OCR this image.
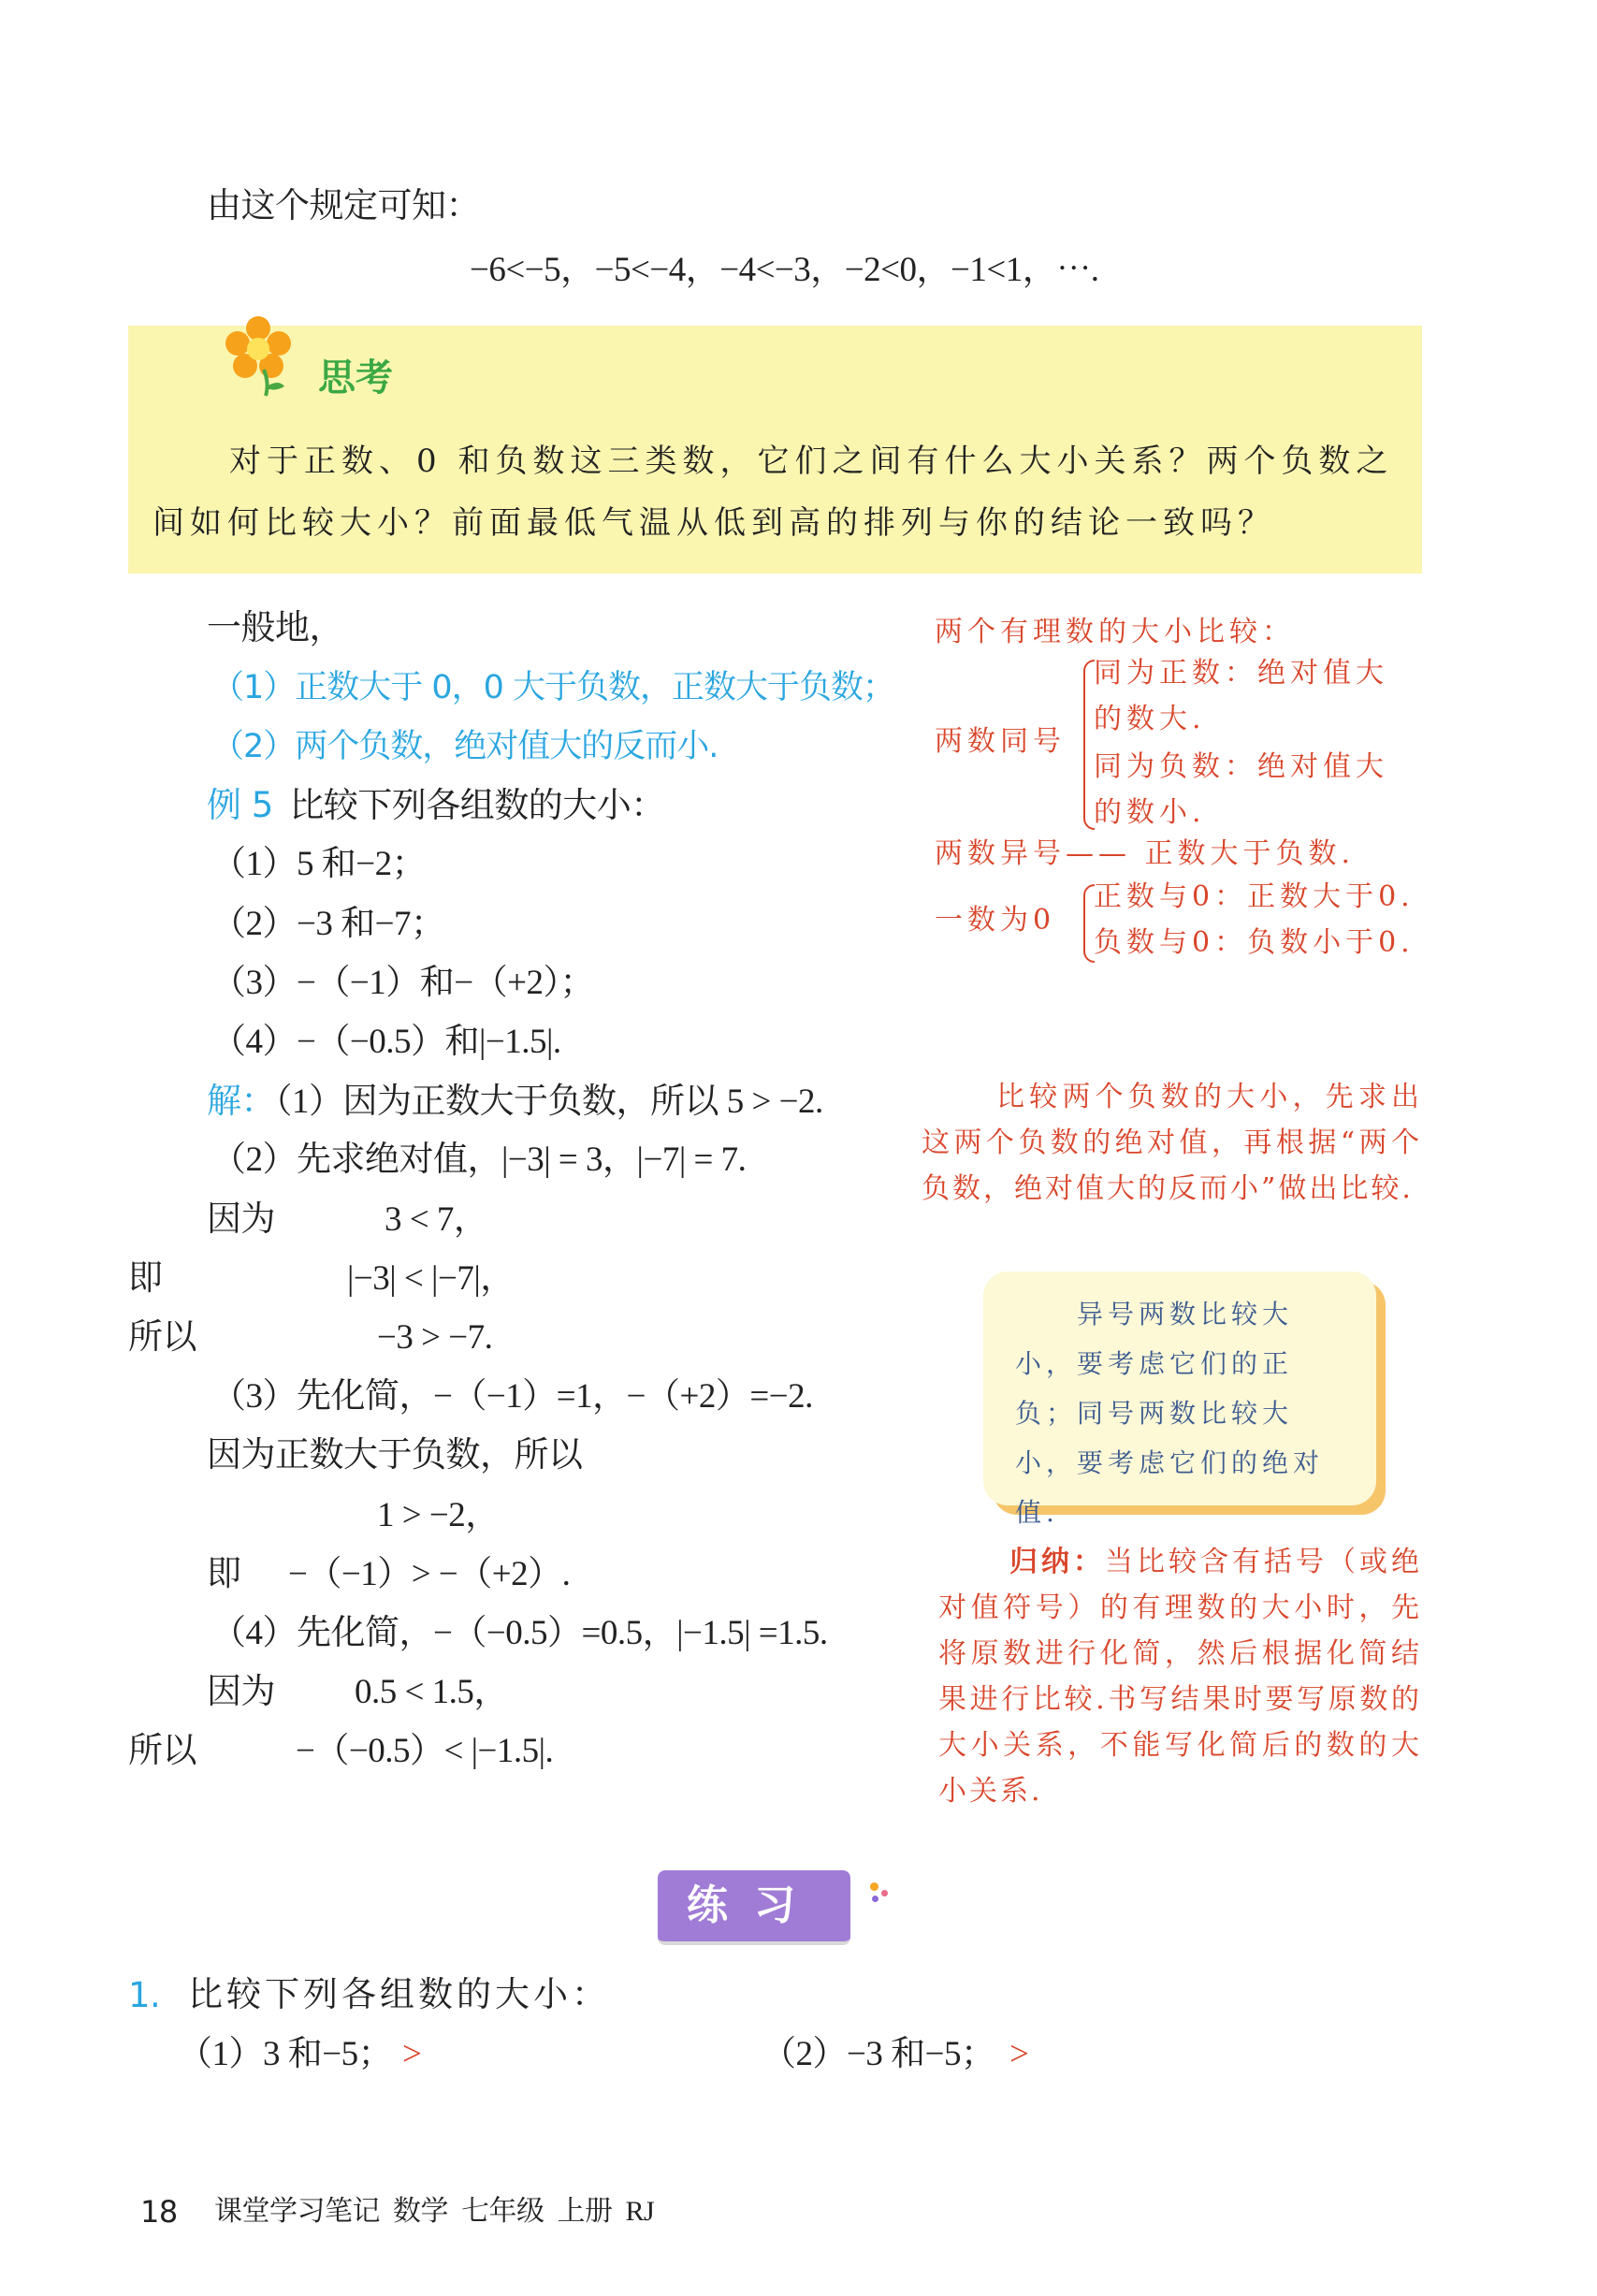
由这个规定可知：
−6<−5，−5<−4，−4<−3，−2<0，−1<1，⋯.
思考
对于正数、0 和负数这三类数，它们之间有什么大小关系？两个负数之间如何比较大小？前面最低气温从低到高的排列与你的结论一致吗？
一般地，
（1）正数大于 0，0 大于负数，正数大于负数；
（2）两个负数，绝对值大的反而小.
例 5 比较下列各组数的大小：
（1）5 和−2；
（2）−3 和−7；
（3）−（−1）和−（+2）；
（4）−（−0.5）和|−1.5|.
解：（1）因为正数大于负数，所以 5 > −2.
（2）先求绝对值，|−3| = 3，|−7| = 7.
因为	3 < 7，
即	|−3| < |−7|，
所以	−3 > −7.
（3）先化简，−（−1）=1，−（+2）=−2.
因为正数大于负数，所以
1 > −2，
即 −（−1）> −（+2）.
（4）先化简，−（−0.5）=0.5，|−1.5| =1.5.
因为 0.5 < 1.5，
所以	−（−0.5）< |−1.5|.
两个有理数的大小比较：
两数同号
同为正数：绝对值大
的数大.
同为负数：绝对值大
的数小.
两数异号—— 正数大于负数.
一数为0
正数与0：正数大于0.
负数与0：负数小于0.
比较两个负数的大小，先求出这两个负数的绝对值，再根据“两个负数，绝对值大的反而小”做出比较.
异号两数比较大小，要考虑它们的正负；同号两数比较大小，要考虑它们的绝对值.
归纳：当比较含有括号（或绝对值符号）的有理数的大小时，先将原数进行化简，然后根据化简结果进行比较.书写结果时要写原数的大小关系，不能写化简后的数的大小关系.
练习
1. 比较下列各组数的大小：
（1）3 和−5； >	（2）−3 和−5； >
18 课堂学习笔记  数学  七年级  上册  RJ
